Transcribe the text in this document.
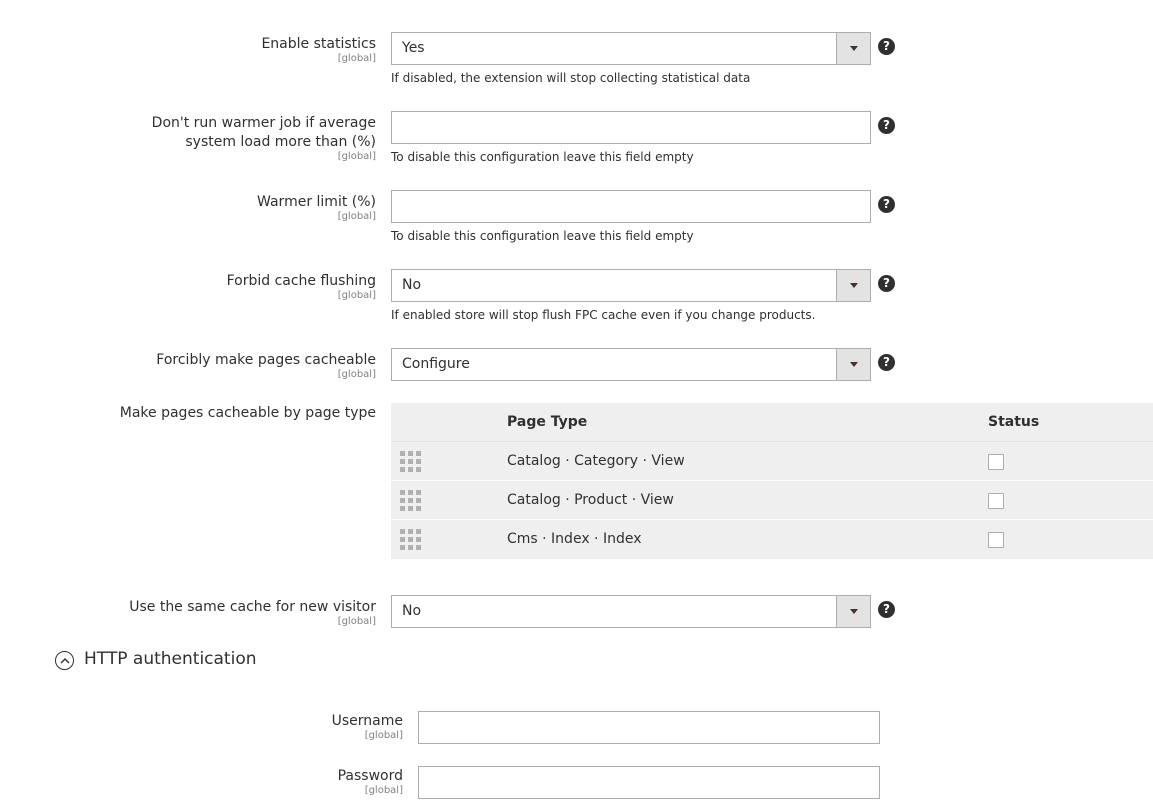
Enable statistics
[global]
Yes	?
If disabled, the extension will stop collecting statistical data
Don't run warmer job if average
system load more than (%)
[global]
?
To disable this configuration leave this field empty
Warmer limit (%)
[global]
?
To disable this configuration leave this field empty
Forbid cache flushing
[global]
No	?
If enabled store will stop flush FPC cache even if you change products.
Forcibly make pages cacheable
[global]
Configure	?
Make pages cacheable by page type
Page Type	Status
Catalog · Category · View
Catalog · Product · View
Cms · Index · Index
Use the same cache for new visitor
[global]
No	?
HTTP authentication
Username
[global]
Password
[global]
